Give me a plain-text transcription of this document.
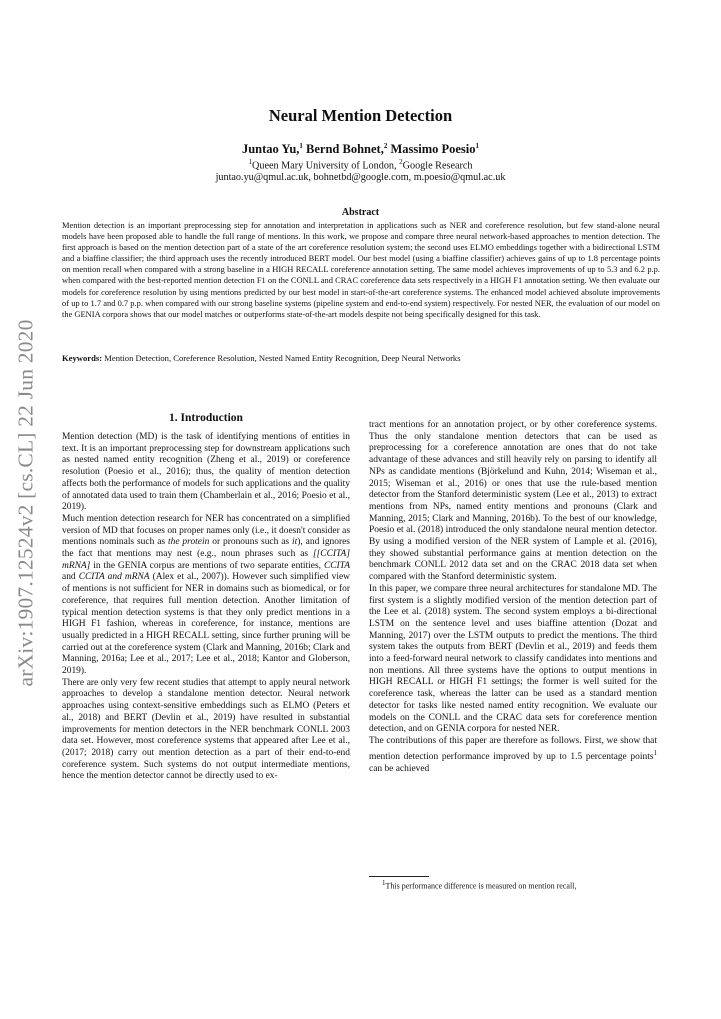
arXiv:1907.12524v2 [cs.CL] 22 Jun 2020
Neural Mention Detection
Juntao Yu,$^1$ Bernd Bohnet,$^2$ Massimo Poesio$^1$
$^1$Queen Mary University of London, $^2$Google Research
juntao.yu@qmul.ac.uk, bohnetbd@google.com, m.poesio@qmul.ac.uk
Abstract
Mention detection is an important preprocessing step for annotation and interpretation in applications such as NER and coreference resolution, but few stand-alone neural models have been proposed able to handle the full range of mentions. In this work, we propose and compare three neural network-based approaches to mention detection. The first approach is based on the mention detection part of a state of the art coreference resolution system; the second uses ELMO embeddings together with a bidirectional LSTM and a biaffine classifier; the third approach uses the recently introduced BERT model. Our best model (using a biaffine classifier) achieves gains of up to 1.8 percentage points on mention recall when compared with a strong baseline in a HIGH RECALL coreference annotation setting. The same model achieves improvements of up to 5.3 and 6.2 p.p. when compared with the best-reported mention detection F1 on the CONLL and CRAC coreference data sets respectively in a HIGH F1 annotation setting. We then evaluate our models for coreference resolution by using mentions predicted by our best model in start-of-the-art coreference systems. The enhanced model achieved absolute improvements of up to 1.7 and 0.7 p.p. when compared with our strong baseline systems (pipeline system and end-to-end system) respectively. For nested NER, the evaluation of our model on the GENIA corpora shows that our model matches or outperforms state-of-the-art models despite not being specifically designed for this task.
Keywords: Mention Detection, Coreference Resolution, Nested Named Entity Recognition, Deep Neural Networks
1. Introduction

Mention detection (MD) is the task of identifying mentions of entities in text. It is an important preprocessing step for downstream applications such as nested named entity recognition (Zheng et al., 2019) or coreference resolution (Poesio et al., 2016); thus, the quality of mention detection affects both the performance of models for such applications and the quality of annotated data used to train them (Chamberlain et al., 2016; Poesio et al., 2019).

Much mention detection research for NER has concentrated on a simplified version of MD that focuses on proper names only (i.e., it doesn't consider as mentions nominals such as the protein or pronouns such as it), and ignores the fact that mentions may nest (e.g., noun phrases such as [[CCITA] mRNA] in the GENIA corpus are mentions of two separate entities, CCITA and CCITA and mRNA (Alex et al., 2007)). However such simplified view of mentions is not sufficient for NER in domains such as biomedical, or for coreference, that requires full mention detection. Another limitation of typical mention detection systems is that they only predict mentions in a HIGH F1 fashion, whereas in coreference, for instance, mentions are usually predicted in a HIGH RECALL setting, since further pruning will be carried out at the coreference system (Clark and Manning, 2016b; Clark and Manning, 2016a; Lee et al., 2017; Lee et al., 2018; Kantor and Globerson, 2019).

There are only very few recent studies that attempt to apply neural network approaches to develop a standalone mention detector. Neural network approaches using context-sensitive embeddings such as ELMO (Peters et al., 2018) and BERT (Devlin et al., 2019) have resulted in substantial improvements for mention detectors in the NER benchmark CONLL 2003 data set. However, most coreference systems that appeared after Lee et al., (2017; 2018) carry out mention detection as a part of their end-to-end coreference system. Such systems do not output intermediate mentions, hence the mention detector cannot be directly used to ex-

tract mentions for an annotation project, or by other coreference systems. Thus the only standalone mention detectors that can be used as preprocessing for a coreference annotation are ones that do not take advantage of these advances and still heavily rely on parsing to identify all NPs as candidate mentions (Björkelund and Kuhn, 2014; Wiseman et al., 2015; Wiseman et al., 2016) or ones that use the rule-based mention detector from the Stanford deterministic system (Lee et al., 2013) to extract mentions from NPs, named entity mentions and pronouns (Clark and Manning, 2015; Clark and Manning, 2016b). To the best of our knowledge, Poesio et al. (2018) introduced the only standalone neural mention detector. By using a modified version of the NER system of Lample et al. (2016), they showed substantial performance gains at mention detection on the benchmark CONLL 2012 data set and on the CRAC 2018 data set when compared with the Stanford deterministic system.

In this paper, we compare three neural architectures for standalone MD. The first system is a slightly modified version of the mention detection part of the Lee et al. (2018) system. The second system employs a bi-directional LSTM on the sentence level and uses biaffine attention (Dozat and Manning, 2017) over the LSTM outputs to predict the mentions. The third system takes the outputs from BERT (Devlin et al., 2019) and feeds them into a feed-forward neural network to classify candidates into mentions and non mentions. All three systems have the options to output mentions in HIGH RECALL or HIGH F1 settings; the former is well suited for the coreference task, whereas the latter can be used as a standard mention detector for tasks like nested named entity recognition. We evaluate our models on the CONLL and the CRAC data sets for coreference mention detection, and on GENIA corpora for nested NER.

The contributions of this paper are therefore as follows. First, we show that mention detection performance improved by up to 1.5 percentage points$^1$ can be achieved

$^1$This performance difference is measured on mention recall,
